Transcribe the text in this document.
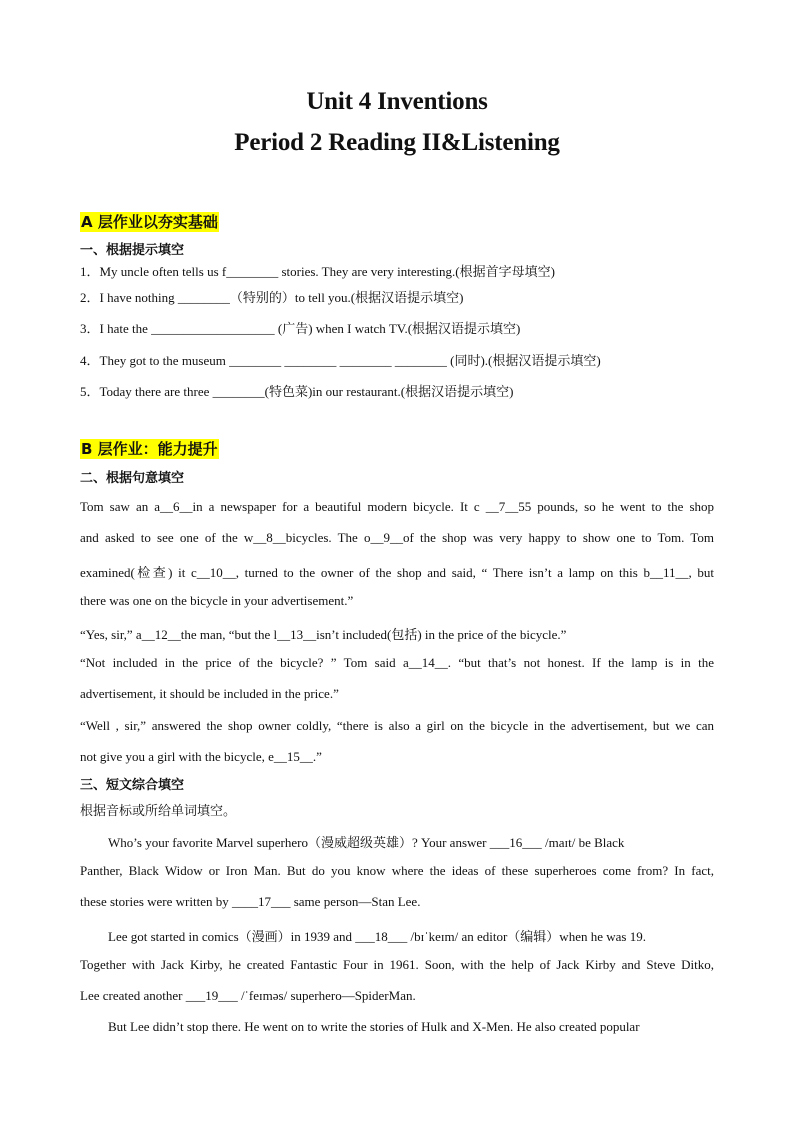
Unit 4 Inventions
Period 2 Reading II&Listening
A 层作业以夯实基础
一、根据提示填空
1．My uncle often tells us f________ stories. They are very interesting.(根据首字母填空)
2．I have nothing ________（特别的）to tell you.(根据汉语提示填空)
3．I hate the ___________________ (广告) when I watch TV.(根据汉语提示填空)
4．They got to the museum ________ ________ ________ ________ (同时).(根据汉语提示填空)
5．Today there are three ________(特色菜)in our restaurant.(根据汉语提示填空)
B 层作业：能力提升
二、根据句意填空
Tom saw an a__6__in a newspaper for a beautiful modern bicycle. It c __7__55 pounds, so he went to the shop
and asked to see one of the w__8__bicycles. The o__9__of the shop was very happy to show one to Tom. Tom
examined(检查) it c__10__, turned to the owner of the shop and said, “ There isn’t a lamp on this b__11__, but
there was one on the bicycle in your advertisement.”
“Yes, sir,” a__12__the man, “but the l__13__isn’t included(包括) in the price of the bicycle.”
“Not included in the price of the bicycle? ” Tom said a__14__. “but that’s not honest. If the lamp is in the
advertisement, it should be included in the price.”
“Well , sir,” answered the shop owner coldly, “there is also a girl on the bicycle in the advertisement, but we can
not give you a girl with the bicycle, e__15__.”
三、短文综合填空
根据音标或所给单词填空。
Who’s your favorite Marvel superhero（漫威超级英雄）? Your answer ___16___ /maɪt/ be Black
Panther, Black Widow or Iron Man. But do you know where the ideas of these superheroes come from? In fact,
these stories were written by ____17___ same person—Stan Lee.
Lee got started in comics（漫画）in 1939 and ___18___ /bɪˈkeɪm/ an editor（编辑）when he was 19.
Together with Jack Kirby, he created Fantastic Four in 1961. Soon, with the help of Jack Kirby and Steve Ditko,
Lee created another ___19___ /ˈfeɪməs/ superhero—SpiderMan.
But Lee didn’t stop there. He went on to write the stories of Hulk and X-Men. He also created popular
